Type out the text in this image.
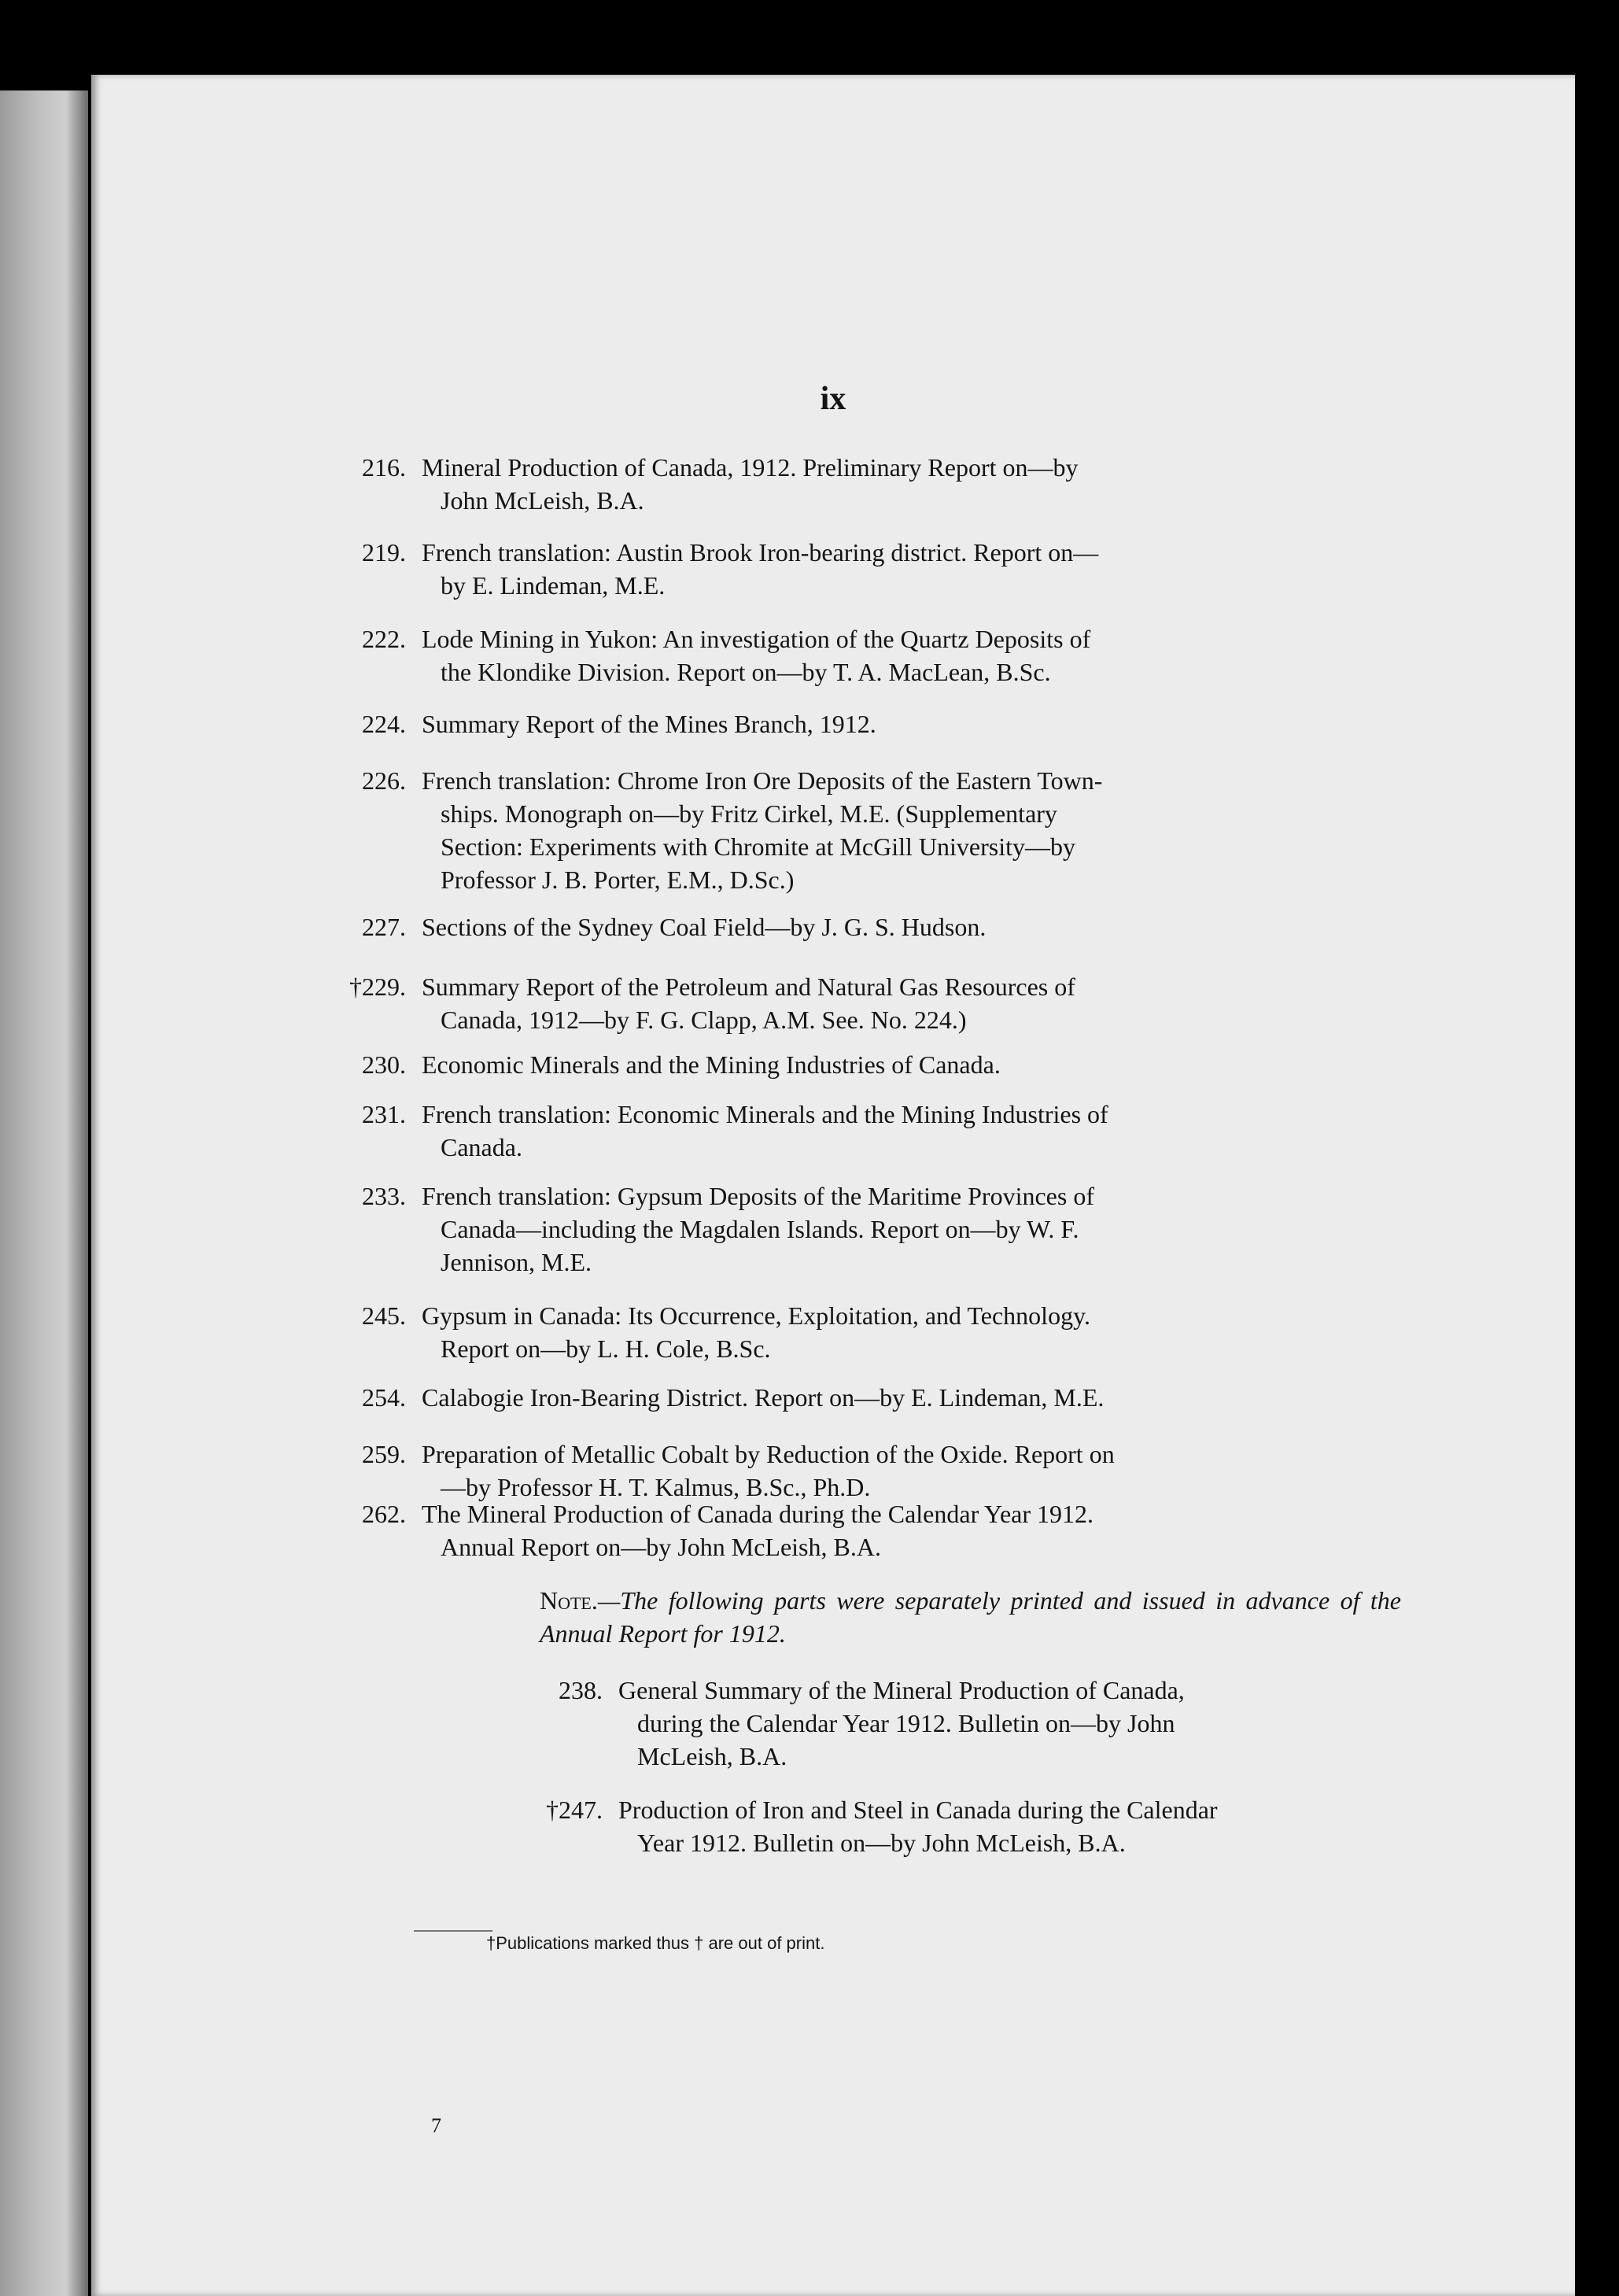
ix
216. Mineral Production of Canada, 1912. Preliminary Report on—by
John McLeish, B.A.
219. French translation: Austin Brook Iron-bearing district. Report on—
by E. Lindeman, M.E.
222. Lode Mining in Yukon: An investigation of the Quartz Deposits of
the Klondike Division. Report on—by T. A. MacLean, B.Sc.
224. Summary Report of the Mines Branch, 1912.
226. French translation: Chrome Iron Ore Deposits of the Eastern Town-
ships. Monograph on—by Fritz Cirkel, M.E. (Supplementary
Section: Experiments with Chromite at McGill University—by
Professor J. B. Porter, E.M., D.Sc.)
227. Sections of the Sydney Coal Field—by J. G. S. Hudson.
†229. Summary Report of the Petroleum and Natural Gas Resources of
Canada, 1912—by F. G. Clapp, A.M. See. No. 224.)
230. Economic Minerals and the Mining Industries of Canada.
231. French translation: Economic Minerals and the Mining Industries of
Canada.
233. French translation: Gypsum Deposits of the Maritime Provinces of
Canada—including the Magdalen Islands. Report on—by W. F.
Jennison, M.E.
245. Gypsum in Canada: Its Occurrence, Exploitation, and Technology.
Report on—by L. H. Cole, B.Sc.
254. Calabogie Iron-Bearing District. Report on—by E. Lindeman, M.E.
259. Preparation of Metallic Cobalt by Reduction of the Oxide. Report on
—by Professor H. T. Kalmus, B.Sc., Ph.D.
262. The Mineral Production of Canada during the Calendar Year 1912.
Annual Report on—by John McLeish, B.A.
Note.—The following parts were separately printed and issued in advance of the Annual Report for 1912.
238. General Summary of the Mineral Production of Canada,
during the Calendar Year 1912. Bulletin on—by John
McLeish, B.A.
†247. Production of Iron and Steel in Canada during the Calendar
Year 1912. Bulletin on—by John McLeish, B.A.
†Publications marked thus † are out of print.
7
